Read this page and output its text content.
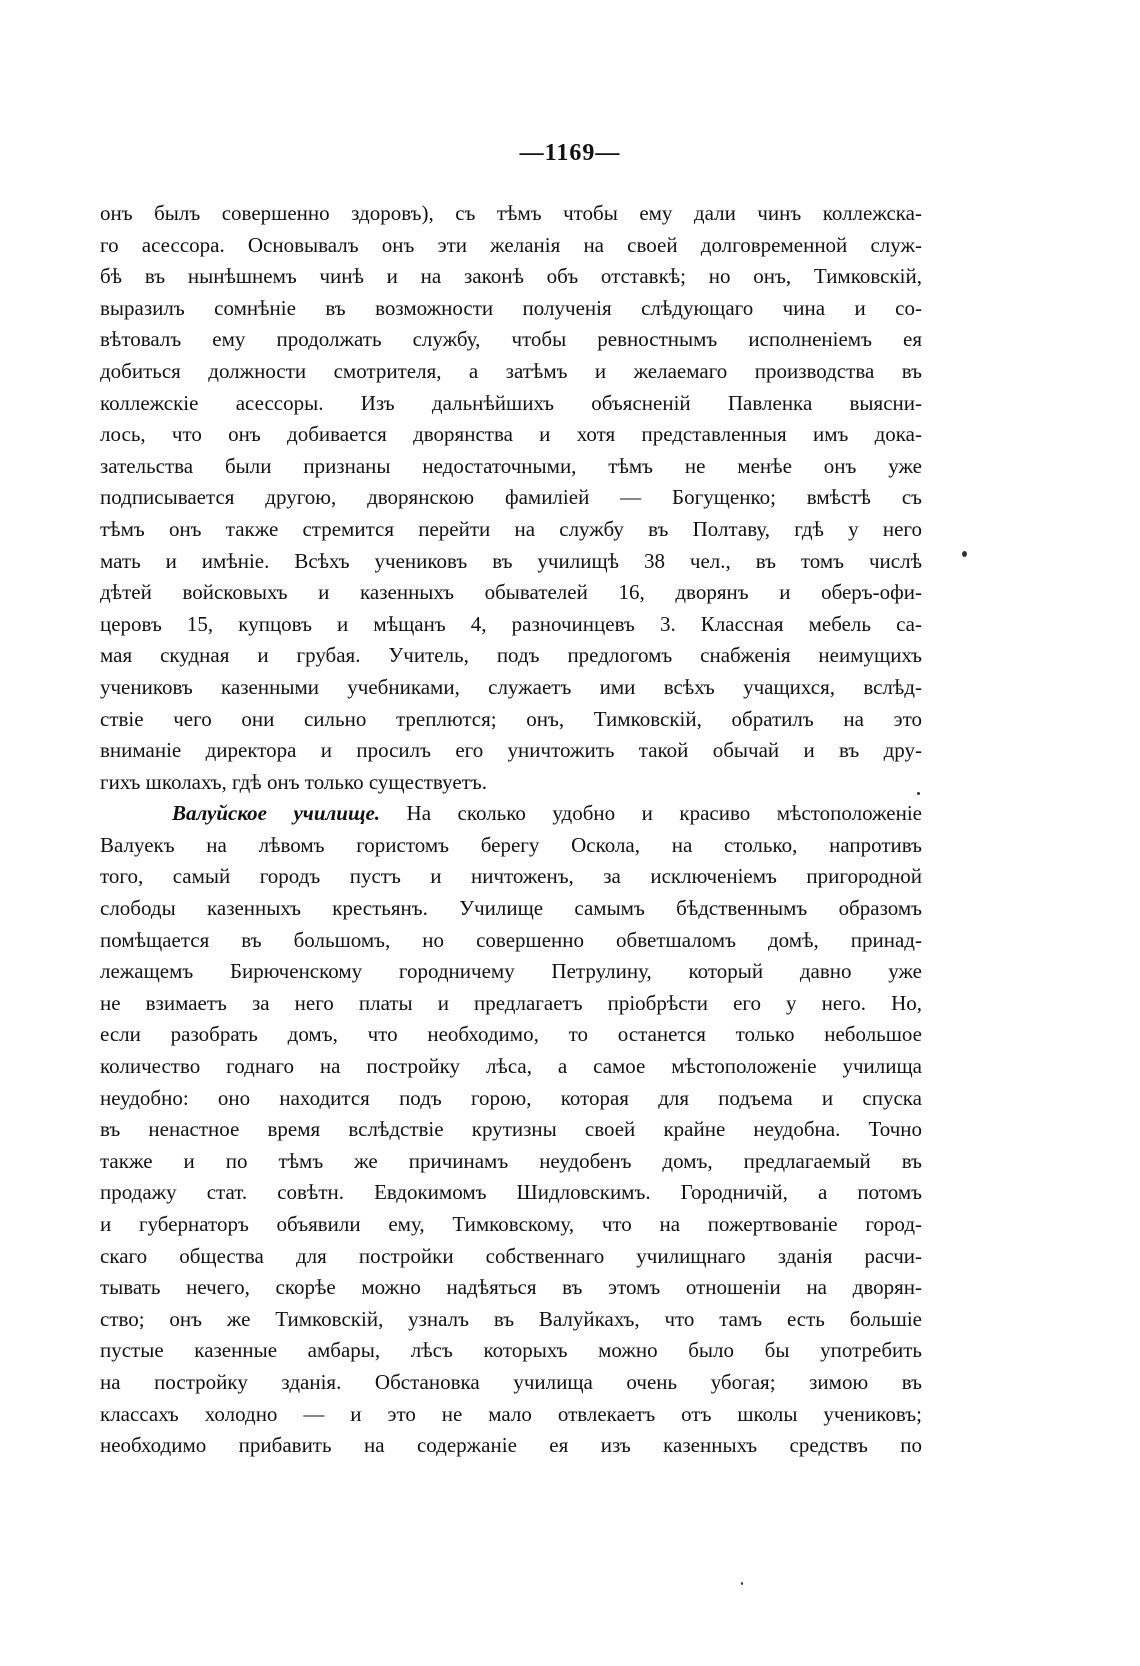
—1169—
онъ былъ совершенно здоровъ), съ тѣмъ чтобы ему дали чинъ коллежска-
го асессора. Основывалъ онъ эти желанія на своей долговременной служ-
бѣ въ нынѣшнемъ чинѣ и на законѣ объ отставкѣ; но онъ, Тимковскій,
выразилъ сомнѣніе въ возможности полученія слѣдующаго чина и со-
вѣтовалъ ему продолжать службу, чтобы ревностнымъ исполненіемъ ея
добиться должности смотрителя, а затѣмъ и желаемаго производства въ
коллежскіе асессоры. Изъ дальнѣйшихъ объясненій Павленка выясни-
лось, что онъ добивается дворянства и хотя представленныя имъ дока-
зательства были признаны недостаточными, тѣмъ не менѣе онъ уже
подписывается другою, дворянскою фамиліей — Богущенко; вмѣстѣ съ
тѣмъ онъ также стремится перейти на службу въ Полтаву, гдѣ у него
мать и имѣніе. Всѣхъ учениковъ въ училищѣ 38 чел., въ томъ числѣ
дѣтей войсковыхъ и казенныхъ обывателей 16, дворянъ и оберъ-офи-
церовъ 15, купцовъ и мѣщанъ 4, разночинцевъ 3. Классная мебель са-
мая скудная и грубая. Учитель, подъ предлогомъ снабженія неимущихъ
учениковъ казенными учебниками, служаетъ ими всѣхъ учащихся, вслѣд-
ствіе чего они сильно треплются; онъ, Тимковскій, обратилъ на это
вниманіе директора и просилъ его уничтожить такой обычай и въ дру-
гихъ школахъ, гдѣ онъ только существуетъ.
Валуйское училище. На сколько удобно и красиво мѣстоположеніе
Валуекъ на лѣвомъ гористомъ берегу Оскола, на столько, напротивъ
того, самый городъ пустъ и ничтоженъ, за исключеніемъ пригородной
слободы казенныхъ крестьянъ. Училище самымъ бѣдственнымъ образомъ
помѣщается въ большомъ, но совершенно обветшаломъ домѣ, принад-
лежащемъ Бирюченскому городничему Петрулину, который давно уже
не взимаетъ за него платы и предлагаетъ пріобрѣсти его у него. Но,
если разобрать домъ, что необходимо, то останется только небольшое
количество годнаго на постройку лѣса, а самое мѣстоположеніе училища
неудобно: оно находится подъ горою, которая для подъема и спуска
въ ненастное время вслѣдствіе крутизны своей крайне неудобна. Точно
также и по тѣмъ же причинамъ неудобенъ домъ, предлагаемый въ
продажу стат. совѣтн. Евдокимомъ Шидловскимъ. Городничій, а потомъ
и губернаторъ объявили ему, Тимковскому, что на пожертвованіе город-
скаго общества для постройки собственнаго училищнаго зданія расчи-
тывать нечего, скорѣе можно надѣяться въ этомъ отношеніи на дворян-
ство; онъ же Тимковскій, узналъ въ Валуйкахъ, что тамъ есть большіе
пустые казенные амбары, лѣсъ которыхъ можно было бы употребить
на постройку зданія. Обстановка училища очень убогая; зимою въ
классахъ холодно — и это не мало отвлекаетъ отъ школы учениковъ;
необходимо прибавить на содержаніе ея изъ казенныхъ средствъ по
